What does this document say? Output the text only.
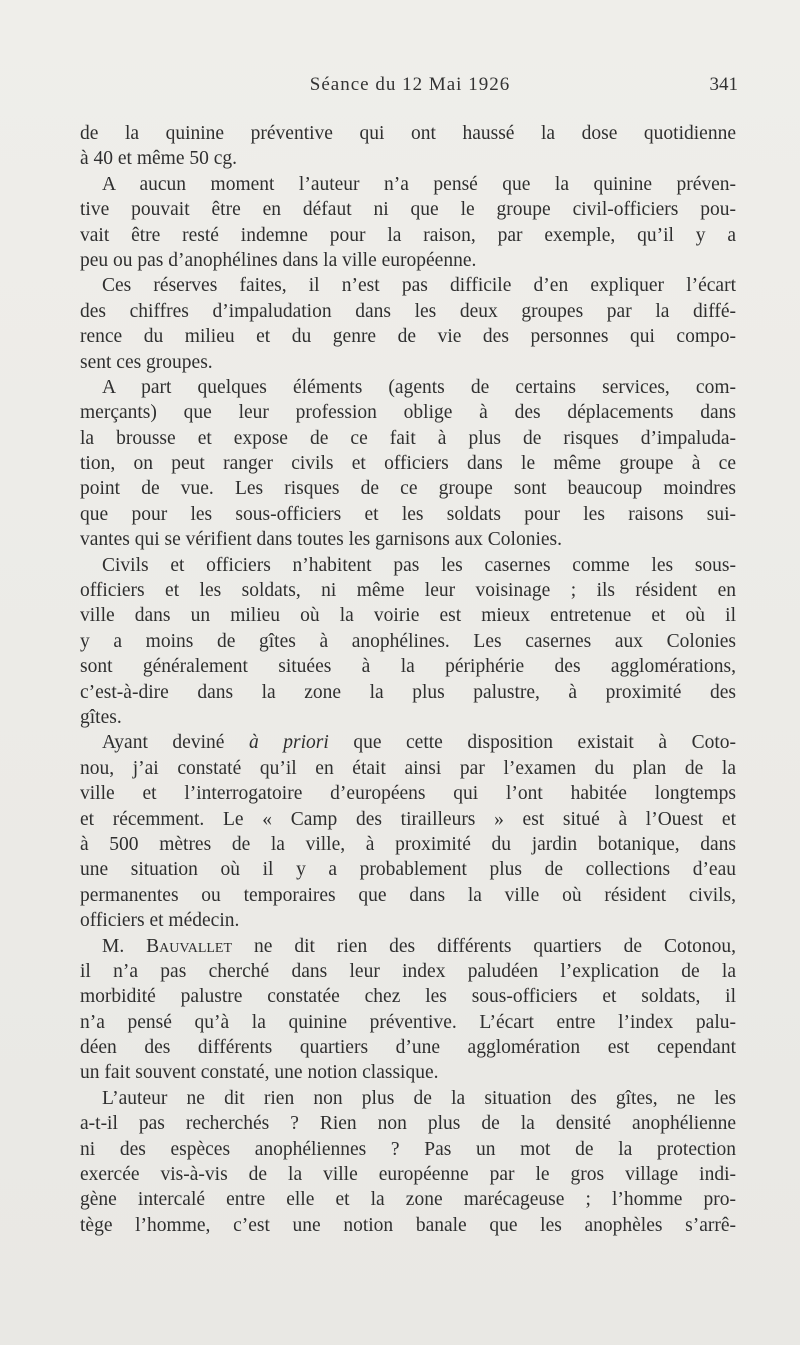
Séance du 12 Mai 1926	341
de la quinine préventive qui ont haussé la dose quotidienne
à 40 et même 50 cg.
A aucun moment l’auteur n’a pensé que la quinine préven-
tive pouvait être en défaut ni que le groupe civil-officiers pou-
vait être resté indemne pour la raison, par exemple, qu’il y a
peu ou pas d’anophélines dans la ville européenne.
Ces réserves faites, il n’est pas difficile d’en expliquer l’écart
des chiffres d’impaludation dans les deux groupes par la diffé-
rence du milieu et du genre de vie des personnes qui compo-
sent ces groupes.
A part quelques éléments (agents de certains services, com-
merçants) que leur profession oblige à des déplacements dans
la brousse et expose de ce fait à plus de risques d’impaluda-
tion, on peut ranger civils et officiers dans le même groupe à ce
point de vue. Les risques de ce groupe sont beaucoup moindres
que pour les sous-officiers et les soldats pour les raisons sui-
vantes qui se vérifient dans toutes les garnisons aux Colonies.
Civils et officiers n’habitent pas les casernes comme les sous-
officiers et les soldats, ni même leur voisinage ; ils résident en
ville dans un milieu où la voirie est mieux entretenue et où il
y a moins de gîtes à anophélines. Les casernes aux Colonies
sont généralement situées à la périphérie des agglomérations,
c’est-à-dire dans la zone la plus palustre, à proximité des
gîtes.
Ayant deviné à priori que cette disposition existait à Coto-
nou, j’ai constaté qu’il en était ainsi par l’examen du plan de la
ville et l’interrogatoire d’européens qui l’ont habitée longtemps
et récemment. Le « Camp des tirailleurs » est situé à l’Ouest et
à 500 mètres de la ville, à proximité du jardin botanique, dans
une situation où il y a probablement plus de collections d’eau
permanentes ou temporaires que dans la ville où résident civils,
officiers et médecin.
M. Bauvallet ne dit rien des différents quartiers de Cotonou,
il n’a pas cherché dans leur index paludéen l’explication de la
morbidité palustre constatée chez les sous-officiers et soldats, il
n’a pensé qu’à la quinine préventive. L’écart entre l’index palu-
déen des différents quartiers d’une agglomération est cependant
un fait souvent constaté, une notion classique.
L’auteur ne dit rien non plus de la situation des gîtes, ne les
a-t-il pas recherchés ? Rien non plus de la densité anophélienne
ni des espèces anophéliennes ? Pas un mot de la protection
exercée vis-à-vis de la ville européenne par le gros village indi-
gène intercalé entre elle et la zone marécageuse ; l’homme pro-
tège l’homme, c’est une notion banale que les anophèles s’arrê-
